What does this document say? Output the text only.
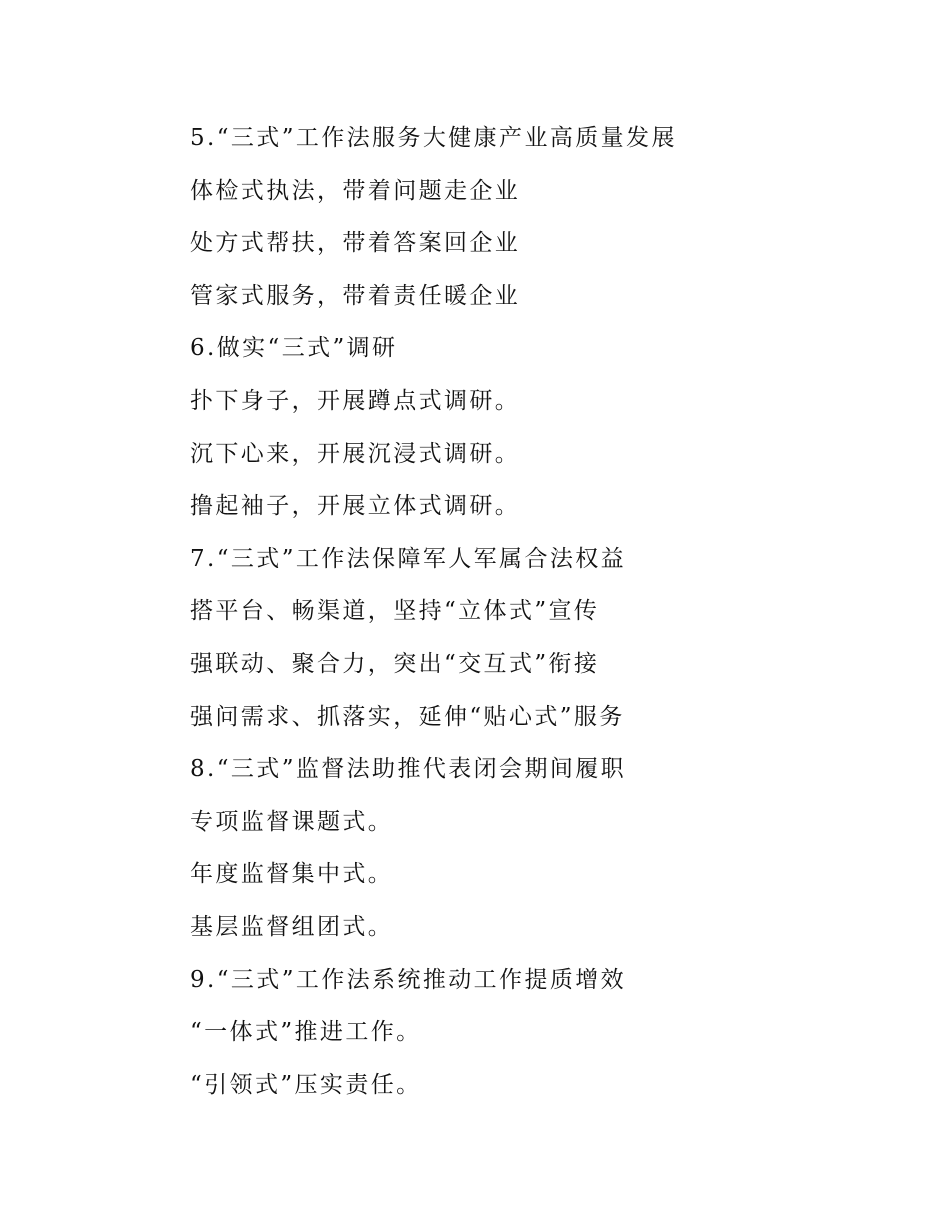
5.“三式”工作法服务大健康产业高质量发展
体检式执法，带着问题走企业
处方式帮扶，带着答案回企业
管家式服务，带着责任暖企业
6.做实“三式”调研
扑下身子，开展蹲点式调研。
沉下心来，开展沉浸式调研。
撸起袖子，开展立体式调研。
7.“三式”工作法保障军人军属合法权益
搭平台、畅渠道，坚持“立体式”宣传
强联动、聚合力，突出“交互式”衔接
强问需求、抓落实，延伸“贴心式”服务
8.“三式”监督法助推代表闭会期间履职
专项监督课题式。
年度监督集中式。
基层监督组团式。
9.“三式”工作法系统推动工作提质增效
“一体式”推进工作。
“引领式”压实责任。
